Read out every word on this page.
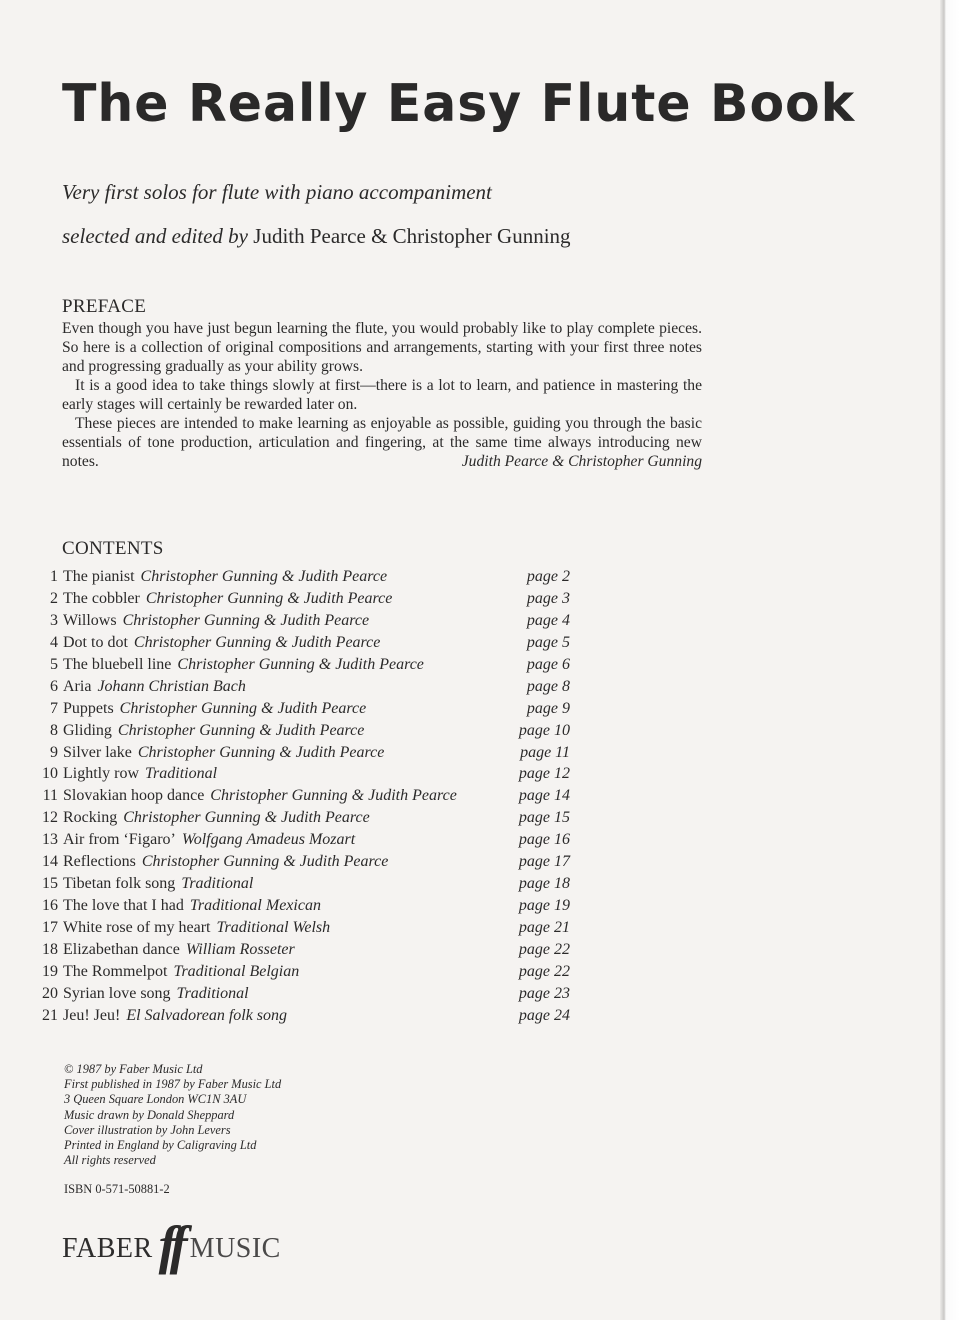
The Really Easy Flute Book
Very first solos for flute with piano accompaniment
selected and edited by Judith Pearce & Christopher Gunning
PREFACE

Even though you have just begun learning the flute, you would probably like to play complete pieces. So here is a collection of original compositions and arrangements, starting with your first three notes and progressing gradually as your ability grows.

It is a good idea to take things slowly at first—there is a lot to learn, and patience in mastering the early stages will certainly be rewarded later on.

These pieces are intended to make learning as enjoyable as possible, guiding you through the basic essentials of tone production, articulation and fingering, at the same time always introducing new notes.	Judith Pearce & Christopher Gunning

CONTENTS
1 The pianist Christopher Gunning & Judith Pearce	page 2
2 The cobbler Christopher Gunning & Judith Pearce	page 3
3 Willows Christopher Gunning & Judith Pearce	page 4
4 Dot to dot Christopher Gunning & Judith Pearce	page 5
5 The bluebell line Christopher Gunning & Judith Pearce	page 6
6 Aria Johann Christian Bach	page 8
7 Puppets Christopher Gunning & Judith Pearce	page 9
8 Gliding Christopher Gunning & Judith Pearce	page 10
9 Silver lake Christopher Gunning & Judith Pearce	page 11
10 Lightly row Traditional	page 12
11 Slovakian hoop dance Christopher Gunning & Judith Pearce	page 14
12 Rocking Christopher Gunning & Judith Pearce	page 15
13 Air from ‘Figaro’ Wolfgang Amadeus Mozart	page 16
14 Reflections Christopher Gunning & Judith Pearce	page 17
15 Tibetan folk song Traditional	page 18
16 The love that I had Traditional Mexican	page 19
17 White rose of my heart Traditional Welsh	page 21
18 Elizabethan dance William Rosseter	page 22
19 The Rommelpot Traditional Belgian	page 22
20 Syrian love song Traditional	page 23
21 Jeu! Jeu! El Salvadorean folk song	page 24
© 1987 by Faber Music Ltd
First published in 1987 by Faber Music Ltd
3 Queen Square London WC1N 3AU
Music drawn by Donald Sheppard
Cover illustration by John Levers
Printed in England by Caligraving Ltd
All rights reserved
ISBN 0-571-50881-2
FABER ff MUSIC
